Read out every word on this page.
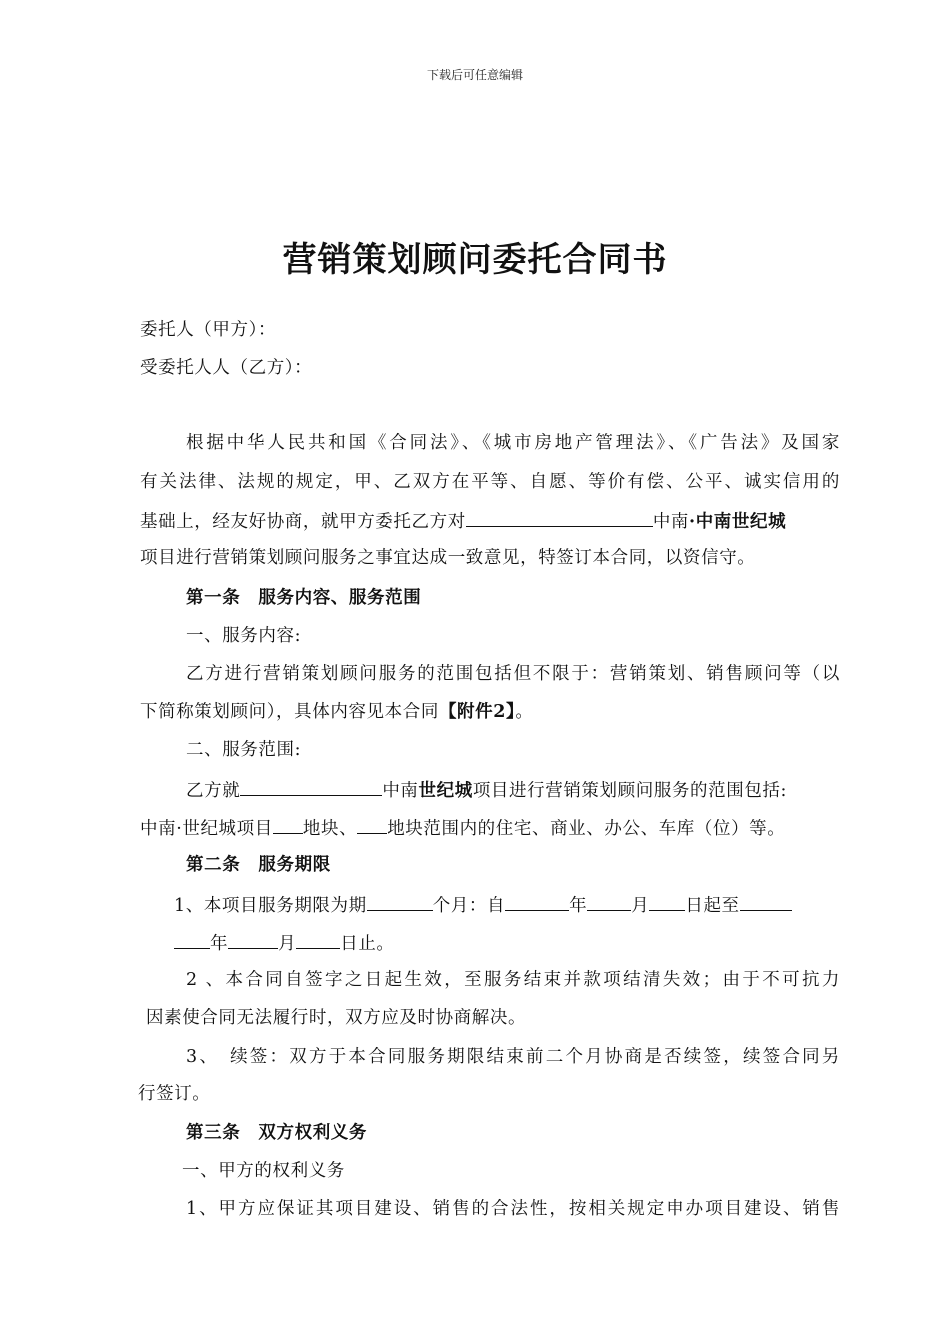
下载后可任意编辑
营销策划顾问委托合同书
委托人（甲方）：
受委托人人（乙方）：
根据中华人民共和国《合同法》、《城市房地产管理法》、《广告法》及国家
有关法律、法规的规定，甲、乙双方在平等、自愿、等价有偿、公平、诚实信用的
基础上，经友好协商，就甲方委托乙方对	中南·中南世纪城
项目进行营销策划顾问服务之事宜达成一致意见，特签订本合同，以资信守。
第一条　服务内容、服务范围
一、服务内容:
乙方进行营销策划顾问服务的范围包括但不限于：营销策划、销售顾问等（以
下简称策划顾问），具体内容见本合同【附件2】。
二、服务范围:
乙方就	中南世纪城项目进行营销策划顾问服务的范围包括:
中南·世纪城项目 地块、 地块范围内的住宅、商业、办公、车库（位）等。
第二条　服务期限
1、本项目服务期限为期	个月：自	年	月 日起至
年	月	日止。
2 、本合同自签字之日起生效，至服务结束并款项结清失效；由于不可抗力
因素使合同无法履行时，双方应及时协商解决。
3、　续签：双方于本合同服务期限结束前二个月协商是否续签，续签合同另
行签订。
第三条　双方权利义务
一、甲方的权利义务
1、甲方应保证其项目建设、销售的合法性，按相关规定申办项目建设、销售
